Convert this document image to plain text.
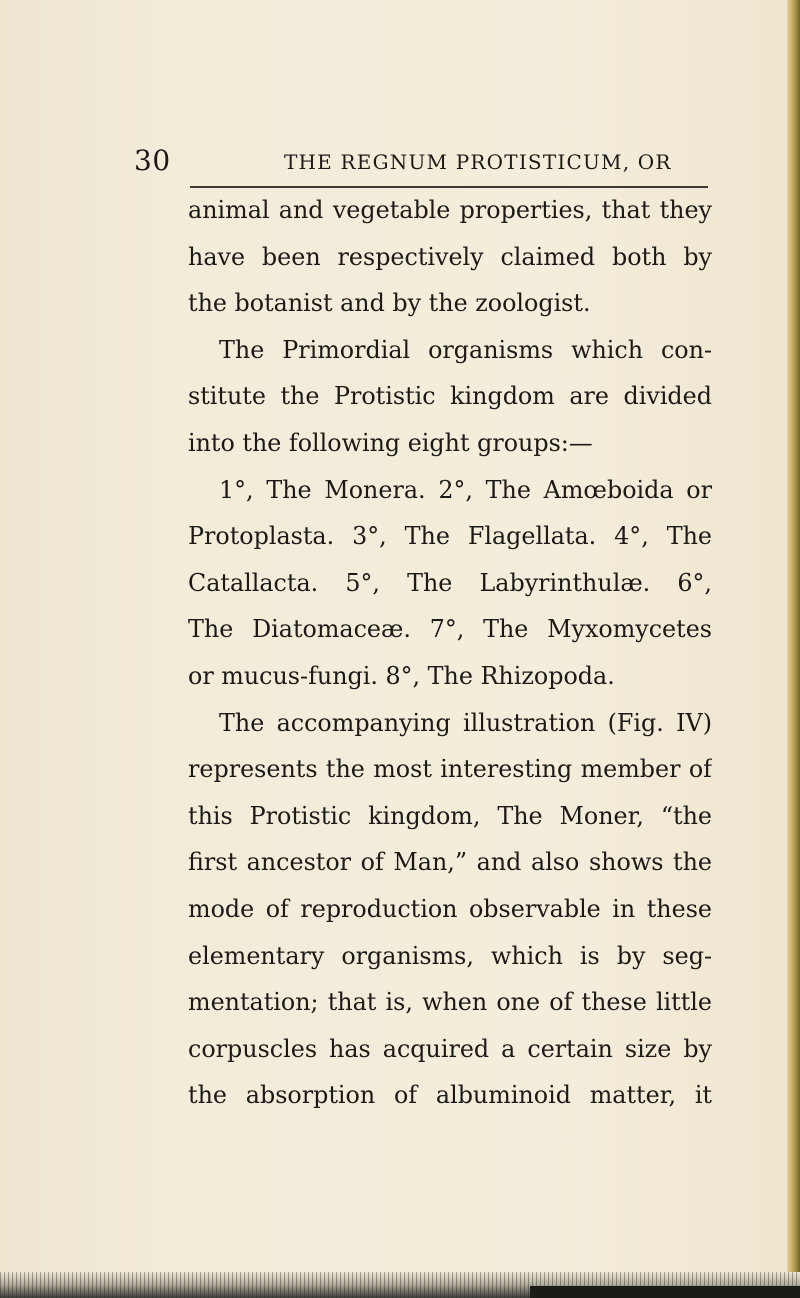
30	THE REGNUM PROTISTICUM, OR
animal and vegetable properties, that they
have been respectively claimed both by
the botanist and by the zoologist.
The Primordial organisms which con-
stitute the Protistic kingdom are divided
into the following eight groups:—
1°, The Monera. 2°, The Amœboida or
Protoplasta. 3°, The Flagellata. 4°, The
Catallacta. 5°, The Labyrinthulæ. 6°,
The Diatomaceæ. 7°, The Myxomycetes
or mucus-fungi. 8°, The Rhizopoda.
The accompanying illustration (Fig. IV)
represents the most interesting member of
this Protistic kingdom, The Moner, “the
first ancestor of Man,” and also shows the
mode of reproduction observable in these
elementary organisms, which is by seg-
mentation; that is, when one of these little
corpuscles has acquired a certain size by
the absorption of albuminoid matter, it
